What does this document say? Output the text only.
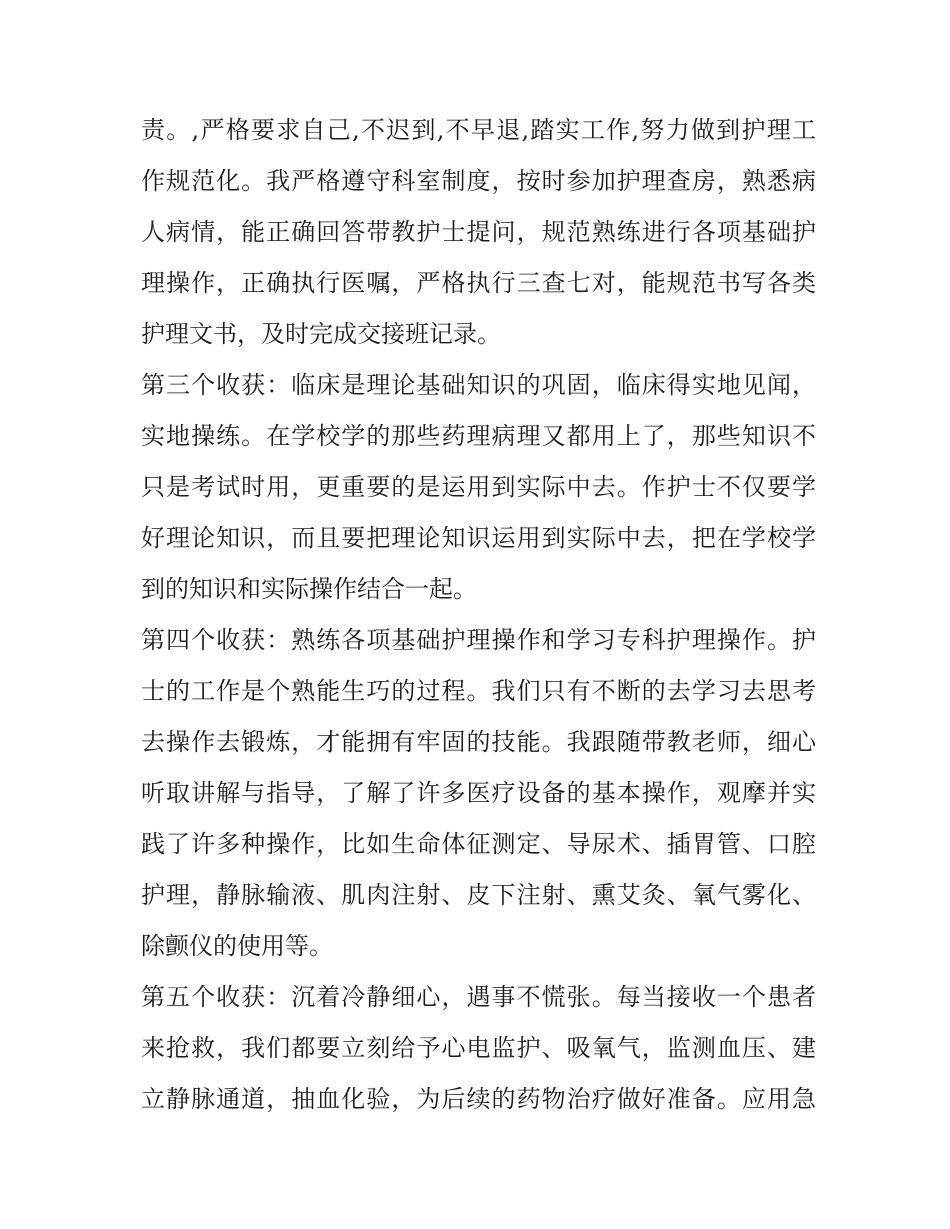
责。,严格要求自己,不迟到,不早退,踏实工作,努力做到护理工
作规范化。我严格遵守科室制度，按时参加护理查房，熟悉病
人病情，能正确回答带教护士提问，规范熟练进行各项基础护
理操作，正确执行医嘱，严格执行三查七对，能规范书写各类
护理文书，及时完成交接班记录。
第三个收获：临床是理论基础知识的巩固，临床得实地见闻，
实地操练。在学校学的那些药理病理又都用上了，那些知识不
只是考试时用，更重要的是运用到实际中去。作护士不仅要学
好理论知识，而且要把理论知识运用到实际中去，把在学校学
到的知识和实际操作结合一起。
第四个收获：熟练各项基础护理操作和学习专科护理操作。护
士的工作是个熟能生巧的过程。我们只有不断的去学习去思考
去操作去锻炼，才能拥有牢固的技能。我跟随带教老师，细心
听取讲解与指导，了解了许多医疗设备的基本操作，观摩并实
践了许多种操作，比如生命体征测定、导尿术、插胃管、口腔
护理，静脉输液、肌肉注射、皮下注射、熏艾灸、氧气雾化、
除颤仪的使用等。
第五个收获：沉着冷静细心，遇事不慌张。每当接收一个患者
来抢救，我们都要立刻给予心电监护、吸氧气，监测血压、建
立静脉通道，抽血化验，为后续的药物治疗做好准备。应用急
